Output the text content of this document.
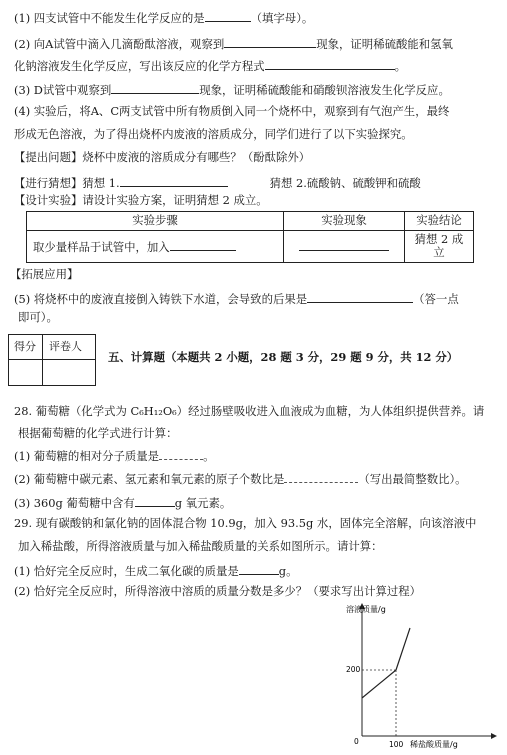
(1) 四支试管中不能发生化学反应的是	（填字母）。
(2) 向A试管中滴入几滴酚酞溶液，观察到	现象，证明稀硫酸能和氢氧
化钠溶液发生化学反应，写出该反应的化学方程式	。
(3) D试管中观察到	现象，证明稀硫酸能和硝酸钡溶液发生化学反应。
(4) 实验后，将A、C两支试管中所有物质倒入同一个烧杯中，观察到有气泡产生，最终
形成无色溶液，为了得出烧杯内废液的溶质成分，同学们进行了以下实验探究。
【提出问题】烧杯中废液的溶质成分有哪些？（酚酞除外）
【进行猜想】猜想 1.	猜想 2.硫酸钠、硫酸钾和硫酸
【设计实验】请设计实验方案，证明猜想 2 成立。
实验步骤	实验现象	实验结论
取少量样品于试管中，加入		猜想 2 成立
【拓展应用】
(5) 将烧杯中的废液直接倒入铸铁下水道，会导致的后果是	（答一点
即可）。
得分 评卷人
五、计算题（本题共 2 小题，28 题 3 分，29 题 9 分，共 12 分）
28. 葡萄糖（化学式为 C₆H₁₂O₆）经过肠壁吸收进入血液成为血糖，为人体组织提供营养。请
根据葡萄糖的化学式进行计算：
(1) 葡萄糖的相对分子质量是	。
(2) 葡萄糖中碳元素、氢元素和氧元素的原子个数比是	（写出最简整数比）。
(3) 360g 葡萄糖中含有	g 氧元素。
29. 现有碳酸钠和氯化钠的固体混合物 10.9g，加入 93.5g 水，固体完全溶解，向该溶液中
加入稀盐酸，所得溶液质量与加入稀盐酸质量的关系如图所示。请计算：
(1) 恰好完全反应时，生成二氧化碳的质量是	g。
(2) 恰好完全反应时，所得溶液中溶质的质量分数是多少？（要求写出计算过程）
溶液质量/g
200
0	100 稀盐酸质量/g
